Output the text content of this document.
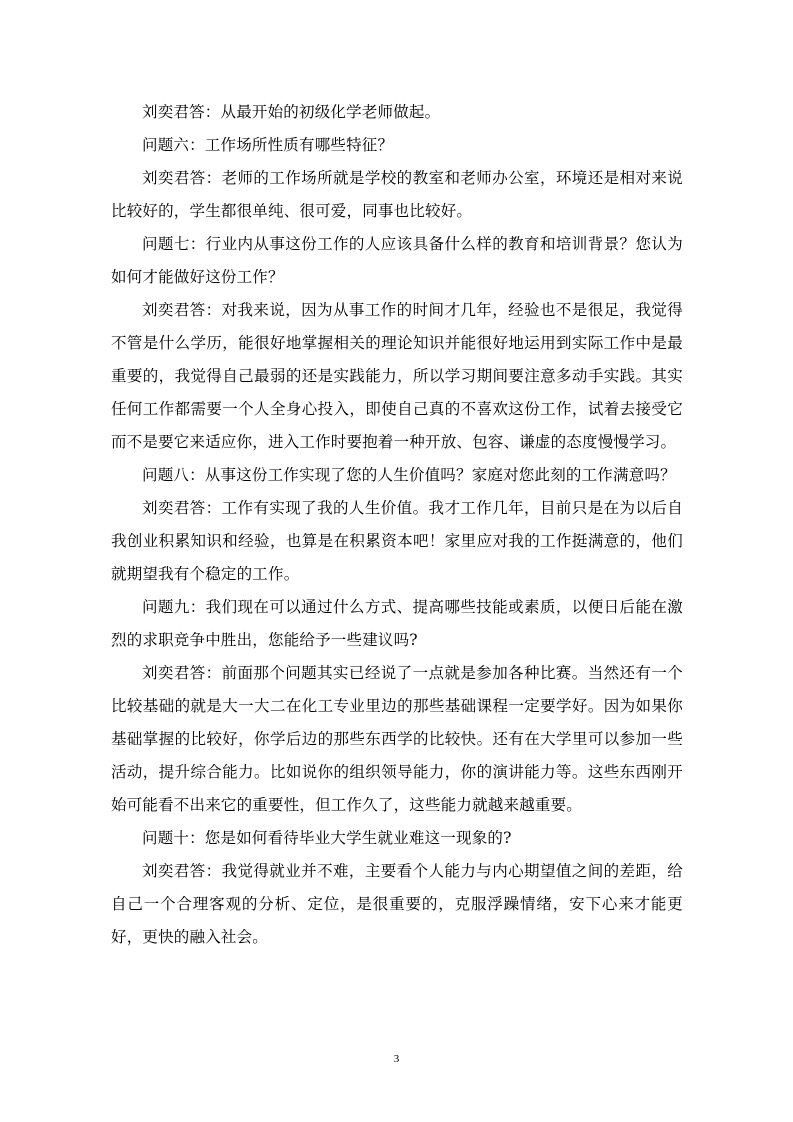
刘奕君答：从最开始的初级化学老师做起。

问题六：工作场所性质有哪些特征？

刘奕君答：老师的工作场所就是学校的教室和老师办公室，环境还是相对来说比较好的，学生都很单纯、很可爱，同事也比较好。

问题七：行业内从事这份工作的人应该具备什么样的教育和培训背景？您认为如何才能做好这份工作？

刘奕君答：对我来说，因为从事工作的时间才几年，经验也不是很足，我觉得不管是什么学历，能很好地掌握相关的理论知识并能很好地运用到实际工作中是最重要的，我觉得自己最弱的还是实践能力，所以学习期间要注意多动手实践。其实任何工作都需要一个人全身心投入，即使自己真的不喜欢这份工作，试着去接受它而不是要它来适应你，进入工作时要抱着一种开放、包容、谦虚的态度慢慢学习。

问题八：从事这份工作实现了您的人生价值吗？家庭对您此刻的工作满意吗？

刘奕君答：工作有实现了我的人生价值。我才工作几年，目前只是在为以后自我创业积累知识和经验，也算是在积累资本吧！家里应对我的工作挺满意的，他们就期望我有个稳定的工作。

问题九：我们现在可以通过什么方式、提高哪些技能或素质，以便日后能在激烈的求职竞争中胜出，您能给予一些建议吗?

刘奕君答：前面那个问题其实已经说了一点就是参加各种比赛。当然还有一个比较基础的就是大一大二在化工专业里边的那些基础课程一定要学好。因为如果你基础掌握的比较好，你学后边的那些东西学的比较快。还有在大学里可以参加一些活动，提升综合能力。比如说你的组织领导能力，你的演讲能力等。这些东西刚开始可能看不出来它的重要性，但工作久了，这些能力就越来越重要。

问题十：您是如何看待毕业大学生就业难这一现象的?

刘奕君答：我觉得就业并不难，主要看个人能力与内心期望值之间的差距，给自己一个合理客观的分析、定位，是很重要的，克服浮躁情绪，安下心来才能更好，更快的融入社会。

3
